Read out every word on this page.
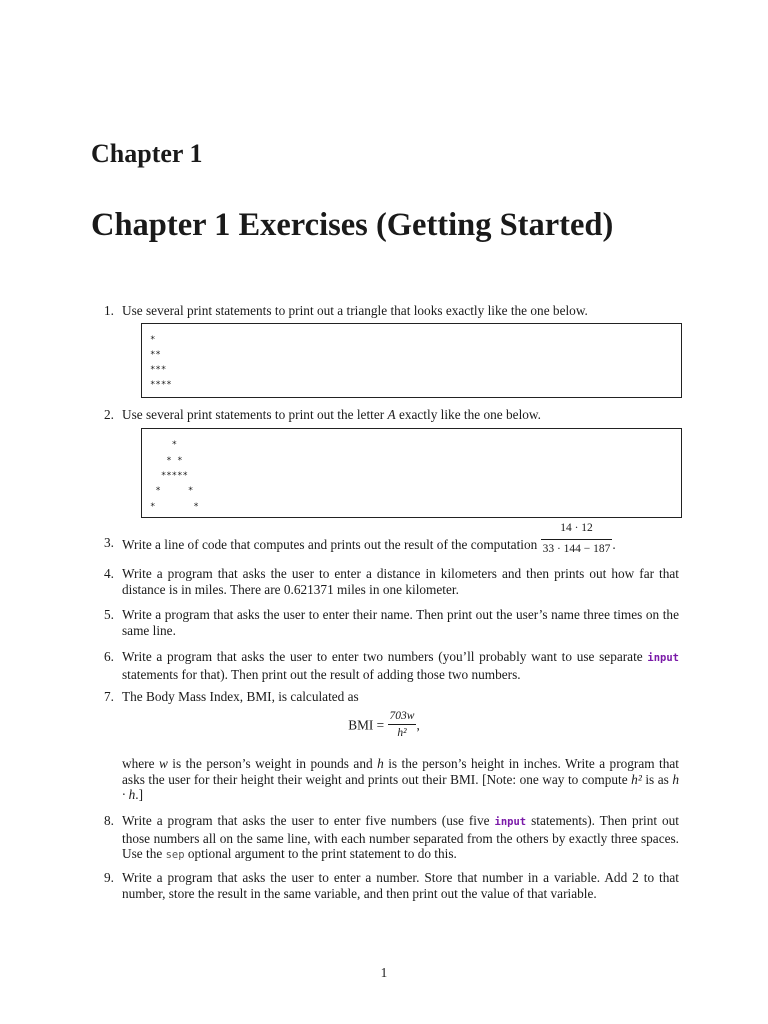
Chapter 1
Chapter 1 Exercises (Getting Started)
1. Use several print statements to print out a triangle that looks exactly like the one below.
*
**
***
****
2. Use several print statements to print out the letter A exactly like the one below.
*
* *
*****
*     *
*       *
3. Write a line of code that computes and prints out the result of the computation $\frac{14 \cdot 12}{33 \cdot 144 - 187}$ .
4. Write a program that asks the user to enter a distance in kilometers and then prints out how far that distance is in miles. There are 0.621371 miles in one kilometer.
5. Write a program that asks the user to enter their name. Then print out the user’s name three times on the same line.
6. Write a program that asks the user to enter two numbers (you’ll probably want to use separate input statements for that). Then print out the result of adding those two numbers.
7. The Body Mass Index, BMI, is calculated as
BMI = $\frac{703w}{\text{h²}}$ ,
where w is the person’s weight in pounds and h is the person’s height in inches. Write a program that asks the user for their height their weight and prints out their BMI. [Note: one way to compute h² is as h · h.]
8. Write a program that asks the user to enter five numbers (use five input statements). Then print out those numbers all on the same line, with each number separated from the others by exactly three spaces. Use the sep optional argument to the print statement to do this.
9. Write a program that asks the user to enter a number. Store that number in a variable. Add 2 to that number, store the result in the same variable, and then print out the value of that variable.
1
